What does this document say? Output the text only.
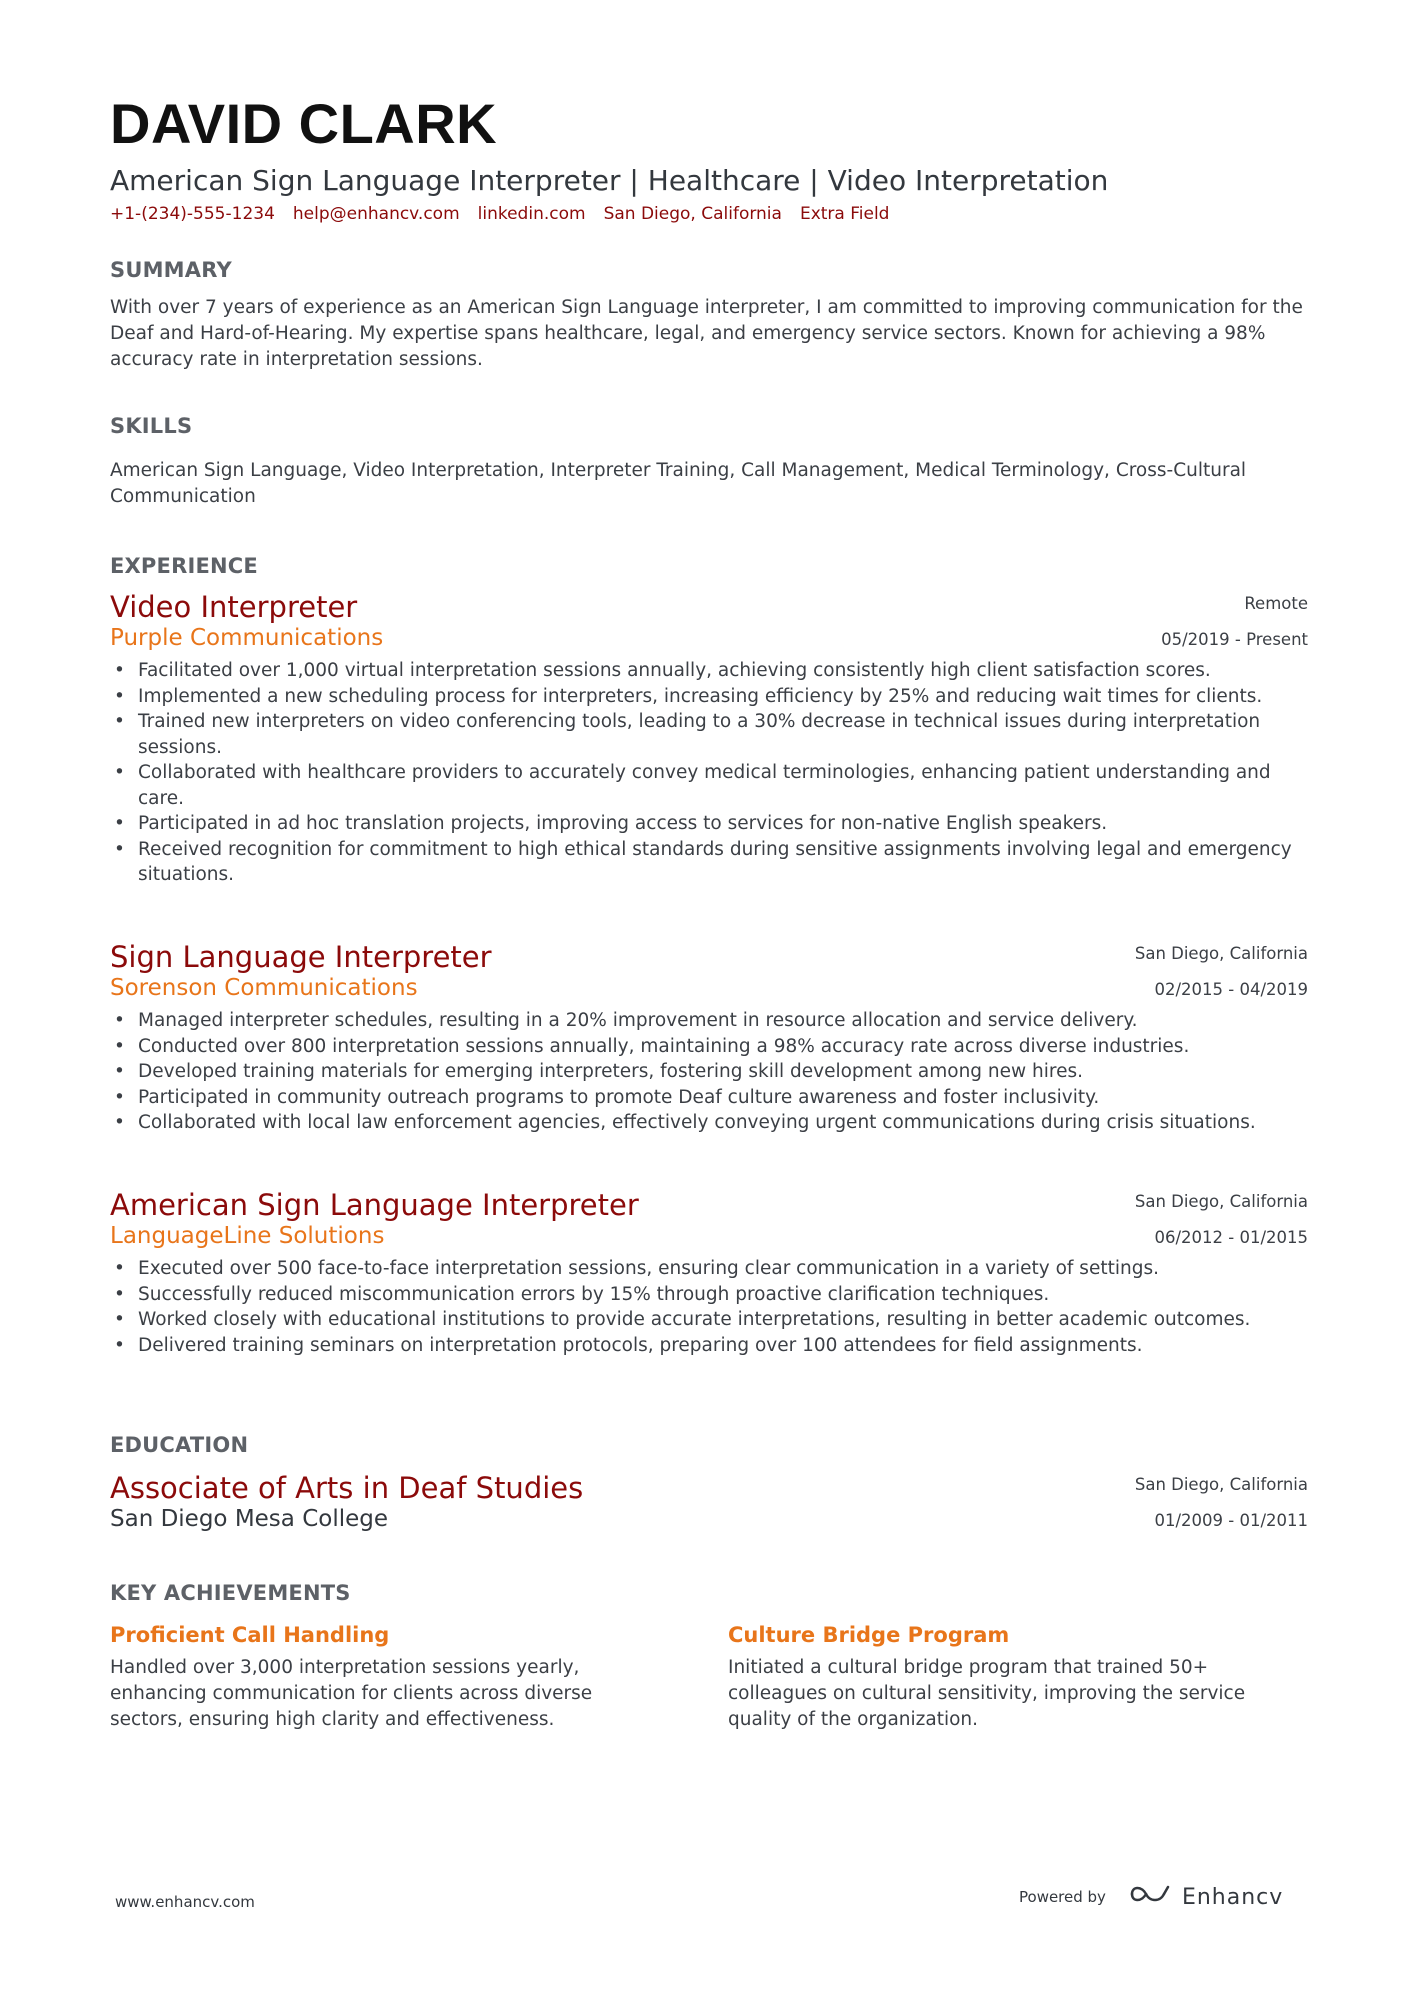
DAVID CLARK
American Sign Language Interpreter | Healthcare | Video Interpretation
+1-(234)-555-1234 help@enhancv.com linkedin.com San Diego, California Extra Field
SUMMARY
With over 7 years of experience as an American Sign Language interpreter, I am committed to improving communication for the Deaf and Hard-of-Hearing. My expertise spans healthcare, legal, and emergency service sectors. Known for achieving a 98% accuracy rate in interpretation sessions.
SKILLS
American Sign Language, Video Interpretation, Interpreter Training, Call Management, Medical Terminology, Cross-Cultural Communication
EXPERIENCE
Video Interpreter
Purple Communications
Remote
05/2019 - Present
• Facilitated over 1,000 virtual interpretation sessions annually, achieving consistently high client satisfaction scores.
• Implemented a new scheduling process for interpreters, increasing efficiency by 25% and reducing wait times for clients.
• Trained new interpreters on video conferencing tools, leading to a 30% decrease in technical issues during interpretation sessions.
• Collaborated with healthcare providers to accurately convey medical terminologies, enhancing patient understanding and care.
• Participated in ad hoc translation projects, improving access to services for non-native English speakers.
• Received recognition for commitment to high ethical standards during sensitive assignments involving legal and emergency situations.
Sign Language Interpreter
Sorenson Communications
San Diego, California
02/2015 - 04/2019
• Managed interpreter schedules, resulting in a 20% improvement in resource allocation and service delivery.
• Conducted over 800 interpretation sessions annually, maintaining a 98% accuracy rate across diverse industries.
• Developed training materials for emerging interpreters, fostering skill development among new hires.
• Participated in community outreach programs to promote Deaf culture awareness and foster inclusivity.
• Collaborated with local law enforcement agencies, effectively conveying urgent communications during crisis situations.
American Sign Language Interpreter
LanguageLine Solutions
San Diego, California
06/2012 - 01/2015
• Executed over 500 face-to-face interpretation sessions, ensuring clear communication in a variety of settings.
• Successfully reduced miscommunication errors by 15% through proactive clarification techniques.
• Worked closely with educational institutions to provide accurate interpretations, resulting in better academic outcomes.
• Delivered training seminars on interpretation protocols, preparing over 100 attendees for field assignments.
EDUCATION
Associate of Arts in Deaf Studies
San Diego Mesa College
San Diego, California
01/2009 - 01/2011
KEY ACHIEVEMENTS
Proficient Call Handling
Handled over 3,000 interpretation sessions yearly, enhancing communication for clients across diverse sectors, ensuring high clarity and effectiveness.
Culture Bridge Program
Initiated a cultural bridge program that trained 50+ colleagues on cultural sensitivity, improving the service quality of the organization.
www.enhancv.com	Powered by	Enhancv
